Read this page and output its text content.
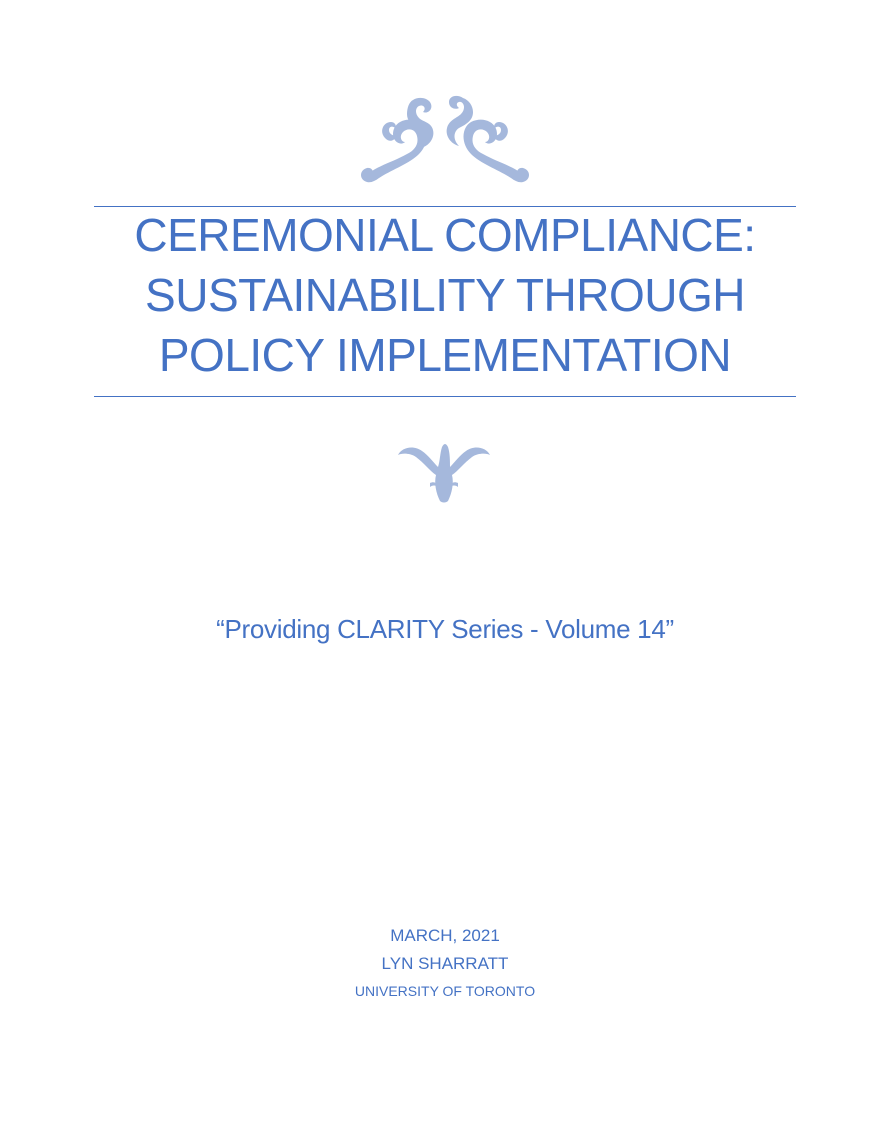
CEREMONIAL COMPLIANCE:
SUSTAINABILITY THROUGH
POLICY IMPLEMENTATION
“Providing CLARITY Series - Volume 14”
MARCH, 2021
LYN SHARRATT
UNIVERSITY OF TORONTO
